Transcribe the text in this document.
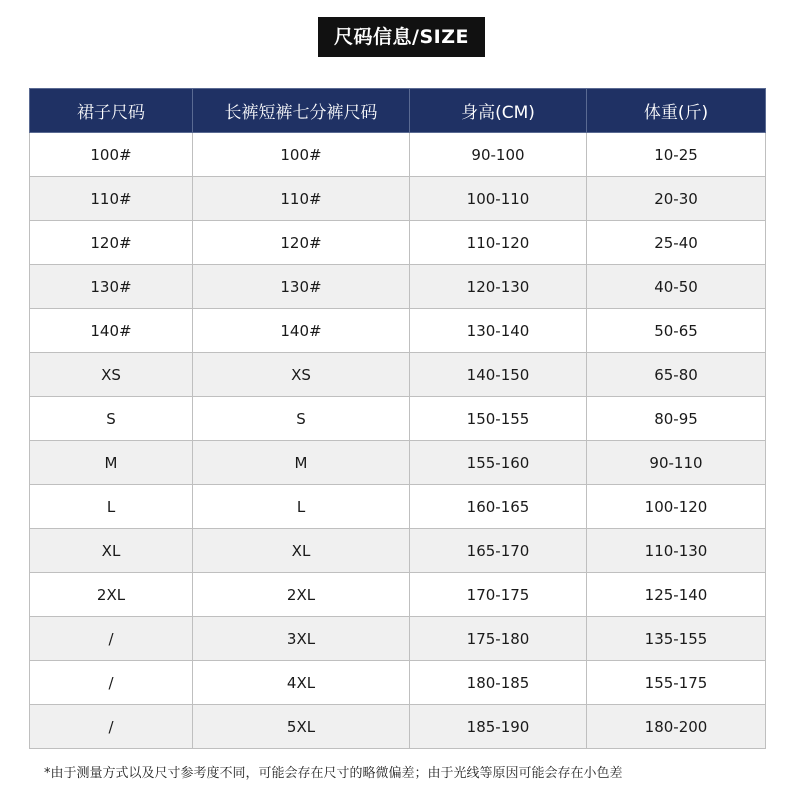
尺码信息/SIZE
裙子尺码	长裤短裤七分裤尺码	身高(CM)	体重(斤)
100#	100#	90-100	10-25
110#	110#	100-110	20-30
120#	120#	110-120	25-40
130#	130#	120-130	40-50
140#	140#	130-140	50-65
XS	XS	140-150	65-80
S	S	150-155	80-95
M	M	155-160	90-110
L	L	160-165	100-120
XL	XL	165-170	110-130
2XL	2XL	170-175	125-140
/	3XL	175-180	135-155
/	4XL	180-185	155-175
/	5XL	185-190	180-200
*由于测量方式以及尺寸参考度不同，可能会存在尺寸的略微偏差；由于光线等原因可能会存在小色差
